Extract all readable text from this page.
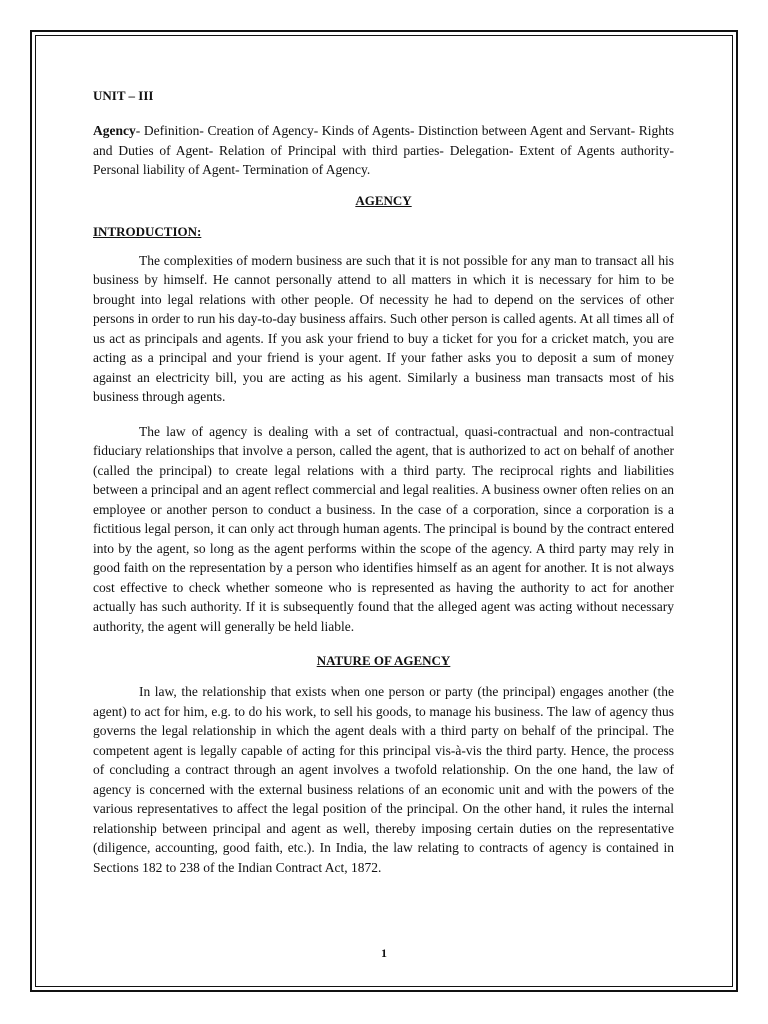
UNIT – III

Agency- Definition- Creation of Agency- Kinds of Agents- Distinction between Agent and Servant- Rights and Duties of Agent- Relation of Principal with third parties- Delegation- Extent of Agents authority- Personal liability of Agent- Termination of Agency.

AGENCY
INTRODUCTION:

The complexities of modern business are such that it is not possible for any man to transact all his business by himself. He cannot personally attend to all matters in which it is necessary for him to be brought into legal relations with other people. Of necessity he had to depend on the services of other persons in order to run his day-to-day business affairs. Such other person is called agents. At all times all of us act as principals and agents. If you ask your friend to buy a ticket for you for a cricket match, you are acting as a principal and your friend is your agent. If your father asks you to deposit a sum of money against an electricity bill, you are acting as his agent. Similarly a business man transacts most of his business through agents.

The law of agency is dealing with a set of contractual, quasi-contractual and non-contractual fiduciary relationships that involve a person, called the agent, that is authorized to act on behalf of another (called the principal) to create legal relations with a third party. The reciprocal rights and liabilities between a principal and an agent reflect commercial and legal realities. A business owner often relies on an employee or another person to conduct a business. In the case of a corporation, since a corporation is a fictitious legal person, it can only act through human agents. The principal is bound by the contract entered into by the agent, so long as the agent performs within the scope of the agency. A third party may rely in good faith on the representation by a person who identifies himself as an agent for another. It is not always cost effective to check whether someone who is represented as having the authority to act for another actually has such authority. If it is subsequently found that the alleged agent was acting without necessary authority, the agent will generally be held liable.

NATURE OF AGENCY

In law, the relationship that exists when one person or party (the principal) engages another (the agent) to act for him, e.g. to do his work, to sell his goods, to manage his business. The law of agency thus governs the legal relationship in which the agent deals with a third party on behalf of the principal. The competent agent is legally capable of acting for this principal vis-à-vis the third party. Hence, the process of concluding a contract through an agent involves a twofold relationship. On the one hand, the law of agency is concerned with the external business relations of an economic unit and with the powers of the various representatives to affect the legal position of the principal. On the other hand, it rules the internal relationship between principal and agent as well, thereby imposing certain duties on the representative (diligence, accounting, good faith, etc.). In India, the law relating to contracts of agency is contained in Sections 182 to 238 of the Indian Contract Act, 1872.

1
